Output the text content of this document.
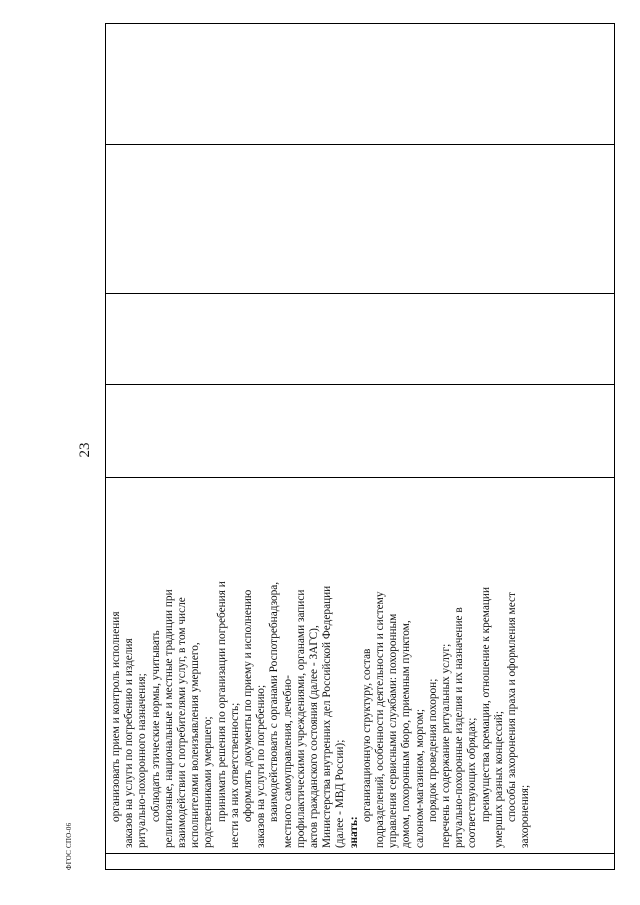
23

организовать прием и контроль исполнения заказов на услуги по погребению и изделия ритуально-похоронного назначения; соблюдать этические нормы, учитывать религиозные, национальные и местные традиции при взаимодействии с потребителями услуг, в том числе исполнителями волеизъявления умершего, родственниками умершего; принимать решения по организации погребения и нести за них ответственность; оформлять документы по приему и исполнению заказов на услуги по погребению; взаимодействовать с органами Роспотребнадзора, местного самоуправления, лечебно- профилактическими учреждениями, органами записи актов гражданского состояния (далее - ЗАГС), Министерства внутренних дел Российской Федерации (далее - МВД России); знать:
организационную структуру, состав подразделений, особенности деятельности и систему управления сервисными службами: похоронным домом, похоронным бюро, приемным пунктом, салоном-магазином, моргом; порядок проведения похорон; перечень и содержание ритуальных услуг; ритуально-похоронные изделия и их назначение в соответствующих обрядах; преимущества кремации, отношение к кремации умерших разных концессий; способы захоронения праха и оформления мест захоронения;

ФГОС СПО-06
